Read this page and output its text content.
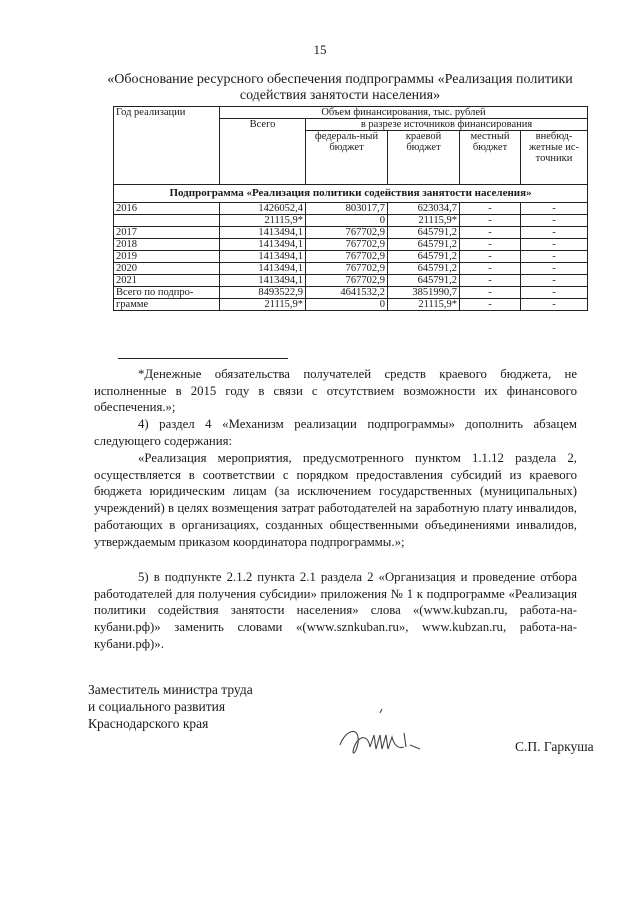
15
«Обоснование ресурсного обеспечения подпрограммы «Реализация политики содействия занятости населения»
Год реализации	Объем финансирования, тыс. рублей				
	Всего	в разрезе источников финансирования			
		федераль-ный бюджет	краевой бюджет	местный бюджет	внебюд-жетные ис-точники
Подпрограмма «Реализация политики содействия занятости населения»					
2016	1426052,4	803017,7	623034,7	-	-
	21115,9*	0	21115,9*	-	-
2017	1413494,1	767702,9	645791,2	-	-
2018	1413494,1	767702,9	645791,2	-	-
2019	1413494,1	767702,9	645791,2	-	-
2020	1413494,1	767702,9	645791,2	-	-
2021	1413494,1	767702,9	645791,2	-	-
Всего по подпро-	8493522,9	4641532,2	3851990,7	-	-
грамме	21115,9*	0	21115,9*	-	-
*Денежные обязательства получателей средств краевого бюджета, не исполненные в 2015 году в связи с отсутствием возможности их финансового обеспечения.»;
4) раздел 4 «Механизм реализации подпрограммы» дополнить абзацем следующего содержания:
«Реализация мероприятия, предусмотренного пунктом 1.1.12 раздела 2, осуществляется в соответствии с порядком предоставления субсидий из краевого бюджета юридическим лицам (за исключением государственных (муниципальных) учреждений) в целях возмещения затрат работодателей на заработную плату инвалидов, работающих в организациях, созданных общественными объединениями инвалидов, утверждаемым приказом координатора подпрограммы.»;
5) в подпункте 2.1.2 пункта 2.1 раздела 2 «Организация и проведение отбора работодателей для получения субсидии» приложения № 1 к подпрограмме «Реализация политики содействия занятости населения» слова «(www.kubzan.ru, работа-на-кубани.рф)» заменить словами «(www.sznkuban.ru», www.kubzan.ru, работа-на-кубани.рф)».
Заместитель министра труда
и социального развития
Краснодарского края
С.П. Гаркуша
